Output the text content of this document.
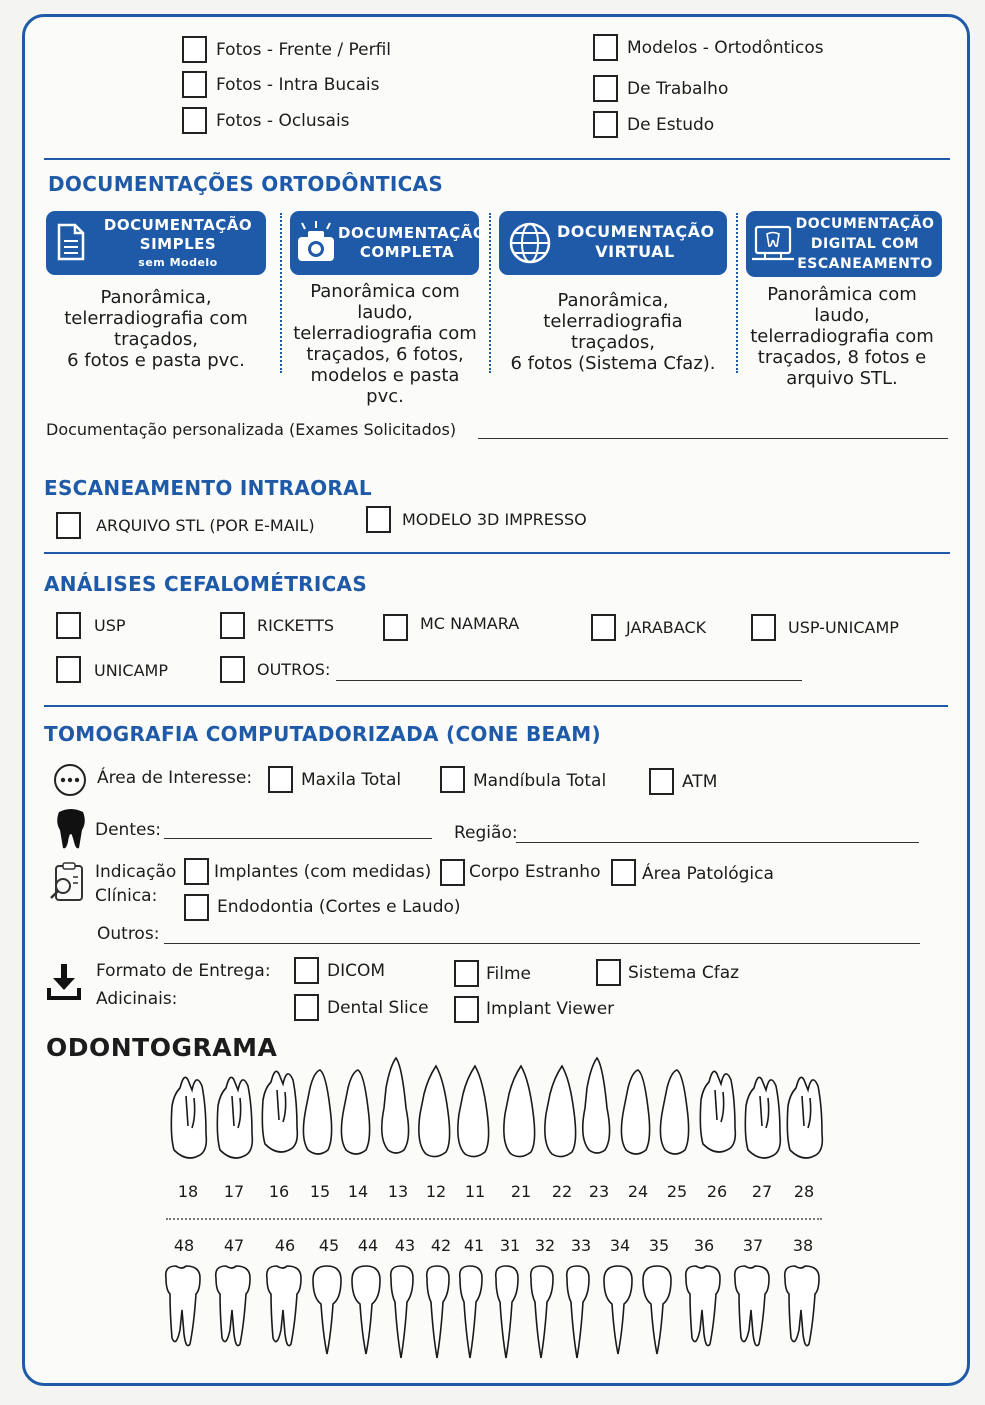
Fotos - Frente / Perfil
Fotos - Intra Bucais
Fotos - Oclusais
Modelos - Ortodônticos
De Trabalho
De Estudo
DOCUMENTAÇÕES ORTODÔNTICAS
DOCUMENTAÇÃO
SIMPLES
sem Modelo
DOCUMENTAÇÃO
COMPLETA
DOCUMENTAÇÃO
VIRTUAL
DOCUMENTAÇÃO
DIGITAL COM
ESCANEAMENTO
Panorâmica,
telerradiografia com
traçados,
6 fotos e pasta pvc.
Panorâmica com
laudo,
telerradiografia com
traçados, 6 fotos,
modelos e pasta
pvc.
Panorâmica,
telerradiografia
traçados,
6 fotos (Sistema Cfaz).
Panorâmica com
laudo,
telerradiografia com
traçados, 8 fotos e
arquivo STL.
Documentação personalizada (Exames Solicitados)
ESCANEAMENTO INTRAORAL
ARQUIVO STL (POR E-MAIL)	MODELO 3D IMPRESSO
ANÁLISES CEFALOMÉTRICAS
USP	RICKETTS	MC NAMARA	JARABACK	USP-UNICAMP
UNICAMP	OUTROS:
TOMOGRAFIA COMPUTADORIZADA (CONE BEAM)
Área de Interesse:	Maxila Total	Mandíbula Total	ATM
Dentes:	Região:
Indicação
Clínica:
Implantes (com medidas) Corpo Estranho Área Patológica
Endodontia (Cortes e Laudo)
Outros:
Formato de Entrega:
Adicinais:
DICOM	Filme	Sistema Cfaz
Dental Slice	Implant Viewer
ODONTOGRAMA
18	17	16	15	14	13	12	11	21	22	23	24	25	26	27	28
48	47	46	45	44	43 42 41 31 32 33	34	35	36	37	38
